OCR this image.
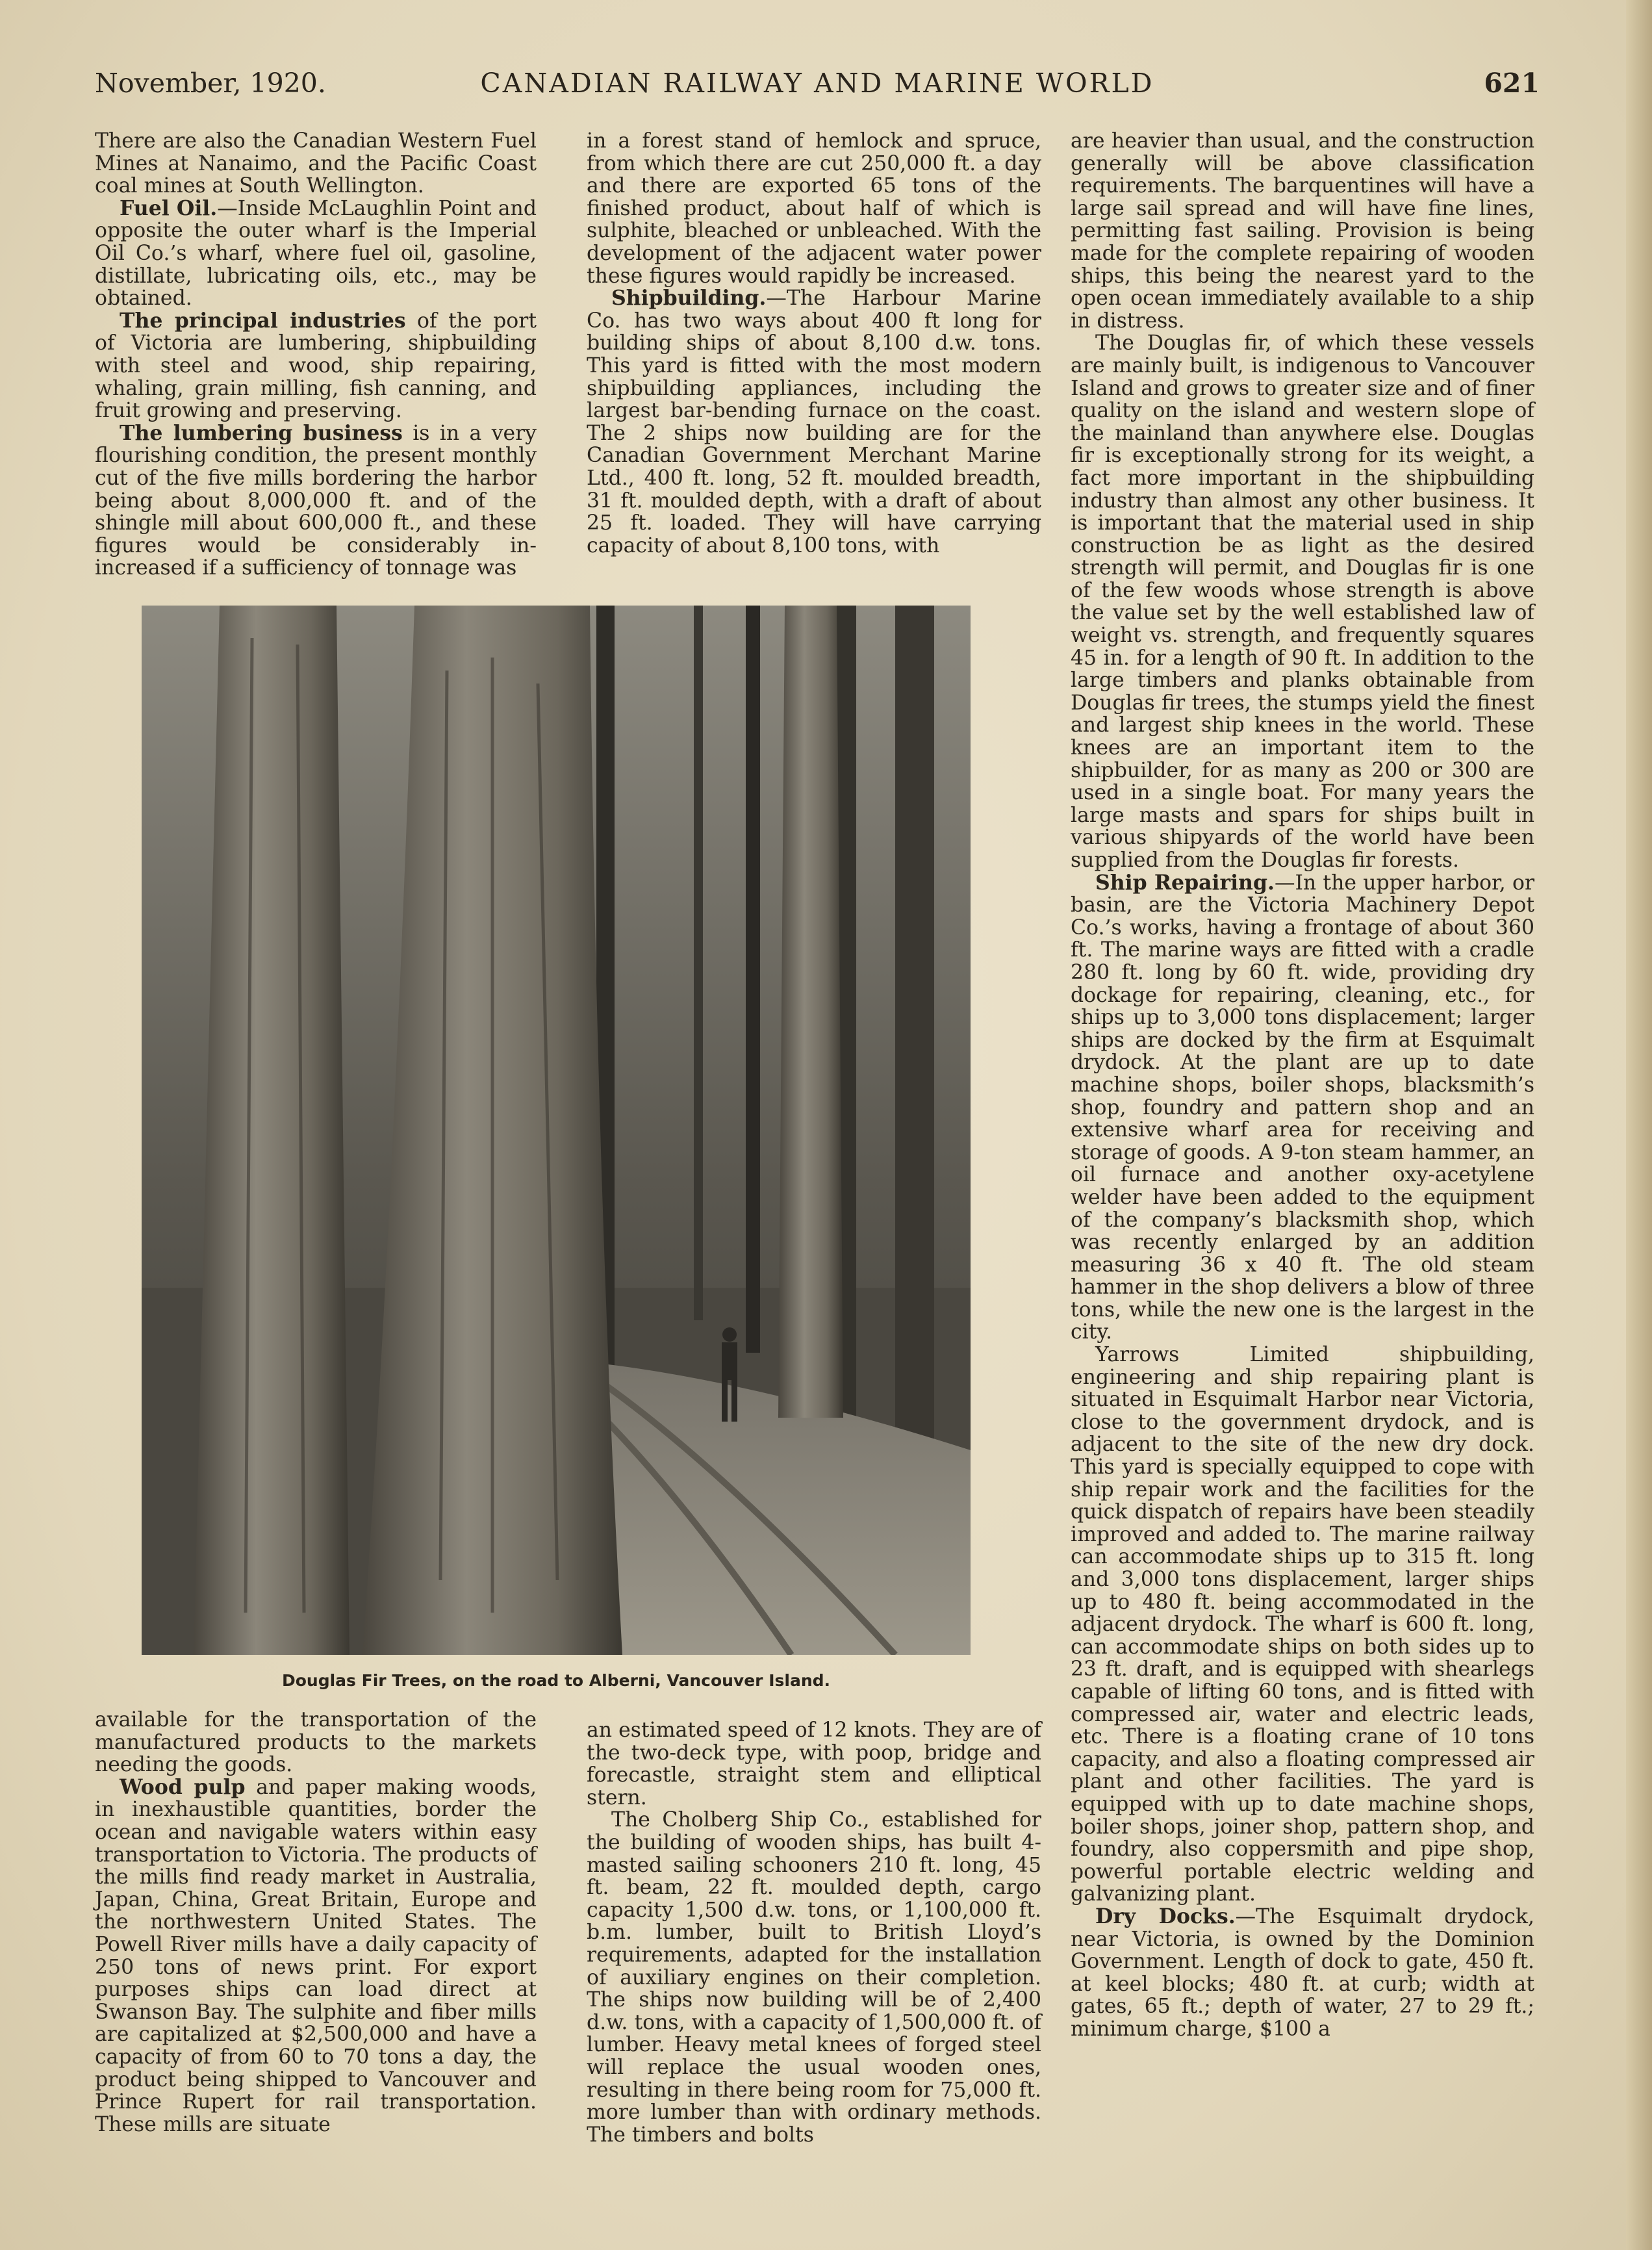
November, 1920.	CANADIAN RAILWAY AND MARINE WORLD	621

There are also the Canadian Western Fuel Mines at Nanaimo, and the Pacific Coast coal mines at South Wellington.

Fuel Oil.—Inside McLaughlin Point and opposite the outer wharf is the Imperial Oil Co.’s wharf, where fuel oil, gasoline, distillate, lubricating oils, etc., may be obtained.

The principal industries of the port of Victoria are lumbering, shipbuilding with steel and wood, ship repairing, whaling, grain milling, fish canning, and fruit growing and preserving.

The lumbering business is in a very flourishing condition, the present monthly cut of the five mills bordering the harbor being about 8,000,000 ft. and of the shingle mill about 600,000 ft., and these figures would be considerably in- increased if a sufficiency of tonnage was

in a forest stand of hemlock and spruce, from which there are cut 250,000 ft. a day and there are exported 65 tons of the finished product, about half of which is sulphite, bleached or unbleached. With the development of the adjacent water power these figures would rapidly be increased.

Shipbuilding.—The Harbour Marine Co. has two ways about 400 ft long for building ships of about 8,100 d.w. tons. This yard is fitted with the most modern shipbuilding appliances, including the largest bar-bending furnace on the coast. The 2 ships now building are for the Canadian Government Merchant Marine Ltd., 400 ft. long, 52 ft. moulded breadth, 31 ft. moulded depth, with a draft of about 25 ft. loaded. They will have carrying capacity of about 8,100 tons, with

are heavier than usual, and the construction generally will be above classification requirements. The barquentines will have a large sail spread and will have fine lines, permitting fast sailing. Provision is being made for the complete repairing of wooden ships, this being the nearest yard to the open ocean immediately available to a ship in distress.

The Douglas fir, of which these vessels are mainly built, is indigenous to Vancouver Island and grows to greater size and of finer quality on the island and western slope of the mainland than anywhere else. Douglas fir is exceptionally strong for its weight, a fact more important in the shipbuilding industry than almost any other business. It is important that the material used in ship construction be as light as the desired strength will permit, and Douglas fir is one of the few woods whose strength is above the value set by the well established law of weight vs. strength, and frequently squares 45 in. for a length of 90 ft. In addition to the large timbers and planks obtainable from Douglas fir trees, the stumps yield the finest and largest ship knees in the world. These knees are an important item to the shipbuilder, for as many as 200 or 300 are used in a single boat. For many years the large masts and spars for ships built in various shipyards of the world have been supplied from the Douglas fir forests.

Ship Repairing.—In the upper harbor, or basin, are the Victoria Machinery Depot Co.’s works, having a frontage of about 360 ft. The marine ways are fitted with a cradle 280 ft. long by 60 ft. wide, providing dry dockage for repairing, cleaning, etc., for ships up to 3,000 tons displacement; larger ships are docked by the firm at Esquimalt drydock. At the plant are up to date machine shops, boiler shops, blacksmith’s shop, foundry and pattern shop and an extensive wharf area for receiving and storage of goods. A 9-ton steam hammer, an oil furnace and another oxy-acetylene welder have been added to the equipment of the company’s blacksmith shop, which was recently enlarged by an addition measuring 36 x 40 ft. The old steam hammer in the shop delivers a blow of three tons, while the new one is the largest in the city.

Yarrows Limited shipbuilding, engineering and ship repairing plant is situated in Esquimalt Harbor near Victoria, close to the government drydock, and is adjacent to the site of the new dry dock. This yard is specially equipped to cope with ship repair work and the facilities for the quick dispatch of repairs have been steadily improved and added to. The marine railway can accommodate ships up to 315 ft. long and 3,000 tons displacement, larger ships up to 480 ft. being accommodated in the adjacent drydock. The wharf is 600 ft. long, can accommodate ships on both sides up to 23 ft. draft, and is equipped with shearlegs capable of lifting 60 tons, and is fitted with compressed air, water and electric leads, etc. There is a floating crane of 10 tons capacity, and also a floating compressed air plant and other facilities. The yard is equipped with up to date machine shops, boiler shops, joiner shop, pattern shop, and foundry, also coppersmith and pipe shop, powerful portable electric welding and galvanizing plant.

Dry Docks.—The Esquimalt drydock, near Victoria, is owned by the Dominion Government. Length of dock to gate, 450 ft. at keel blocks; 480 ft. at curb; width at gates, 65 ft.; depth of water, 27 to 29 ft.; minimum charge, $100 a

Douglas Fir Trees, on the road to Alberni, Vancouver Island.

available for the transportation of the manufactured products to the markets needing the goods.

Wood pulp and paper making woods, in inexhaustible quantities, border the ocean and navigable waters within easy transportation to Victoria. The products of the mills find ready market in Australia, Japan, China, Great Britain, Europe and the northwestern United States. The Powell River mills have a daily capacity of 250 tons of news print. For export purposes ships can load direct at Swanson Bay. The sulphite and fiber mills are capitalized at $2,500,000 and have a capacity of from 60 to 70 tons a day, the product being shipped to Vancouver and Prince Rupert for rail transportation. These mills are situate

an estimated speed of 12 knots. They are of the two-deck type, with poop, bridge and forecastle, straight stem and elliptical stern.

The Cholberg Ship Co., established for the building of wooden ships, has built 4-masted sailing schooners 210 ft. long, 45 ft. beam, 22 ft. moulded depth, cargo capacity 1,500 d.w. tons, or 1,100,000 ft. b.m. lumber, built to British Lloyd’s requirements, adapted for the installation of auxiliary engines on their completion. The ships now building will be of 2,400 d.w. tons, with a capacity of 1,500,000 ft. of lumber. Heavy metal knees of forged steel will replace the usual wooden ones, resulting in there being room for 75,000 ft. more lumber than with ordinary methods. The timbers and bolts
